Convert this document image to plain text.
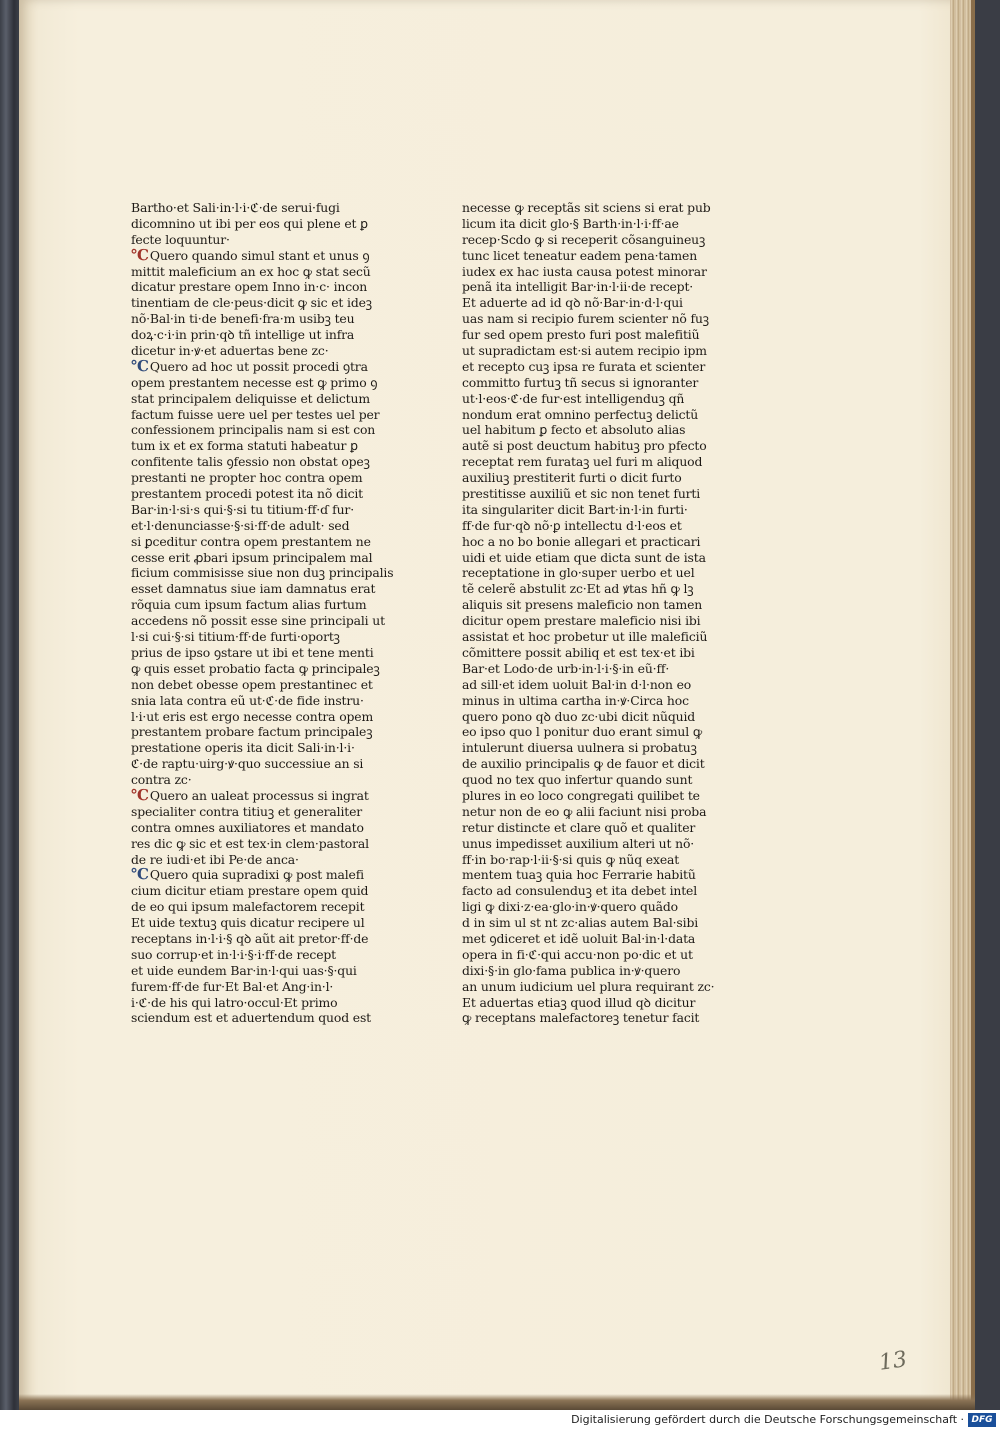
Bartho·et Sali·in·l·i·ℭ·de serui·fugi
dicomnino ut ibi per eos qui plene et ꝑ
fecte loquuntur·
℃Quero quando simul stant et unus ꝯ
mittit maleficium an ex hoc ꝙ stat secũ
dicatur prestare opem Inno in·c· incon
tinentiam de cle·peus·dicit ꝙ sic et ideꝫ
nõ·Bal·in ti·de benefi·fra·m usibꝫ teu
doꝝ·c·i·in prin·qꝺ tñ intellige ut infra
dicetur in·ꝟ·et aduertas bene zc·
℃Quero ad hoc ut possit procedi ꝯtra
opem prestantem necesse est ꝙ primo ꝯ
stat principalem deliquisse et delictum
factum fuisse uere uel per testes uel per
confessionem principalis nam si est con
tum ix et ex forma statuti habeatur ꝑ
confitente talis ꝯfessio non obstat opeꝫ
prestanti ne propter hoc contra opem
prestantem procedi potest ita nõ dicit
Bar·in·l·si·s qui·§·si tu titium·ff·ɗ fur·
et·l·denunciasse·§·si·ff·de adult· sed
si ꝑceditur contra opem prestantem ne
cesse erit ꝓbari ipsum principalem mal
ficium commisisse siue non duꝫ principalis
esset damnatus siue iam damnatus erat
rõquia cum ipsum factum alias furtum
accedens nõ possit esse sine principali ut
l·si cui·§·si titium·ff·de furti·oportꝫ
prius de ipso ꝯstare ut ibi et tene menti
ꝙ quis esset probatio facta ꝙ principaleꝫ
non debet obesse opem prestantinec et
snia lata contra eũ ut·ℭ·de fide instru·
l·i·ut eris est ergo necesse contra opem
prestantem probare factum principaleꝫ
prestatione operis ita dicit Sali·in·l·i·
ℭ·de raptu·uirg·ꝟ·quo successiue an si
contra zc·
℃Quero an ualeat processus si ingrat
specialiter contra titiuꝫ et generaliter
contra omnes auxiliatores et mandato
res dic ꝙ sic et est tex·in clem·pastoral
de re iudi·et ibi Pe·de anca·
℃Quero quia supradixi ꝙ post malefi
cium dicitur etiam prestare opem quid
de eo qui ipsum malefactorem recepit
Et uide textuꝫ quis dicatur recipere ul
receptans in·l·i·§ qꝺ aũt ait pretor·ff·de
suo corrup·et in·l·i·§·i·ff·de recept
et uide eundem Bar·in·l·qui uas·§·qui
furem·ff·de fur·Et Bal·et Ang·in·l·
i·ℭ·de his qui latro·occul·Et primo
sciendum est et aduertendum quod est
necesse ꝙ receptãs sit sciens si erat pub
licum ita dicit glo·§ Barth·in·l·i·ff·ae
recep·Scdo ꝙ si receperit cõsanguineuꝫ
tunc licet teneatur eadem pena·tamen
iudex ex hac iusta causa potest minorar
penã ita intelligit Bar·in·l·ii·de recept·
Et aduerte ad id qꝺ nõ·Bar·in·d·l·qui
uas nam si recipio furem scienter nõ fuꝫ
fur sed opem presto furi post malefitiũ
ut supradictam est·si autem recipio ipm
et recepto cuꝫ ipsa re furata et scienter
committo furtuꝫ tñ secus si ignoranter
ut·l·eos·ℭ·de fur·est intelligenduꝫ qñ
nondum erat omnino perfectuꝫ delictũ
uel habitum ꝑ fecto et absoluto alias
autẽ si post deuctum habituꝫ pro pfecto
receptat rem furataꝫ uel furi m aliquod
auxiliuꝫ prestiterit furti o dicit furto
prestitisse auxiliũ et sic non tenet furti
ita singulariter dicit Bart·in·l·in furti·
ff·de fur·qꝺ nõ·ꝑ intellectu d·l·eos et
hoc a no bo bonie allegari et practicari
uidi et uide etiam que dicta sunt de ista
receptatione in glo·super uerbo et uel
tẽ celerẽ abstulit zc·Et ad ꝟtas hñ ꝙ lꝫ
aliquis sit presens maleficio non tamen
dicitur opem prestare maleficio nisi ibi
assistat et hoc probetur ut ille maleficiũ
cõmittere possit abiliq et est tex·et ibi
Bar·et Lodo·de urb·in·l·i·§·in eũ·ff·
ad sill·et idem uoluit Bal·in d·l·non eo
minus in ultima cartha in·ꝟ·Circa hoc
quero pono qꝺ duo zc·ubi dicit nũquid
eo ipso quo l ponitur duo erant simul ꝙ
intulerunt diuersa uulnera si probatuꝫ
de auxilio principalis ꝙ de fauor et dicit
quod no tex quo infertur quando sunt
plures in eo loco congregati quilibet te
netur non de eo ꝙ alii faciunt nisi proba
retur distincte et clare quõ et qualiter
unus impedisset auxilium alteri ut nõ·
ff·in bo·rap·l·ii·§·si quis ꝙ nũq exeat
mentem tuaꝫ quia hoc Ferrarie habitũ
facto ad consulenduꝫ et ita debet intel
ligi ꝙ dixi·z·ea·glo·in·ꝟ·quero quãdo
d in sim ul st nt zc·alias autem Bal·sibi
met ꝯdiceret et idẽ uoluit Bal·in·l·data
opera in fi·ℭ·qui accu·non po·dic et ut
dixi·§·in glo·fama publica in·ꝟ·quero
an unum iudicium uel plura requirant zc·
Et aduertas etiaꝫ quod illud qꝺ dicitur
ꝙ receptans malefactoreꝫ tenetur facit
13
Digitalisierung gefördert durch die Deutsche Forschungsgemeinschaft · DFG
